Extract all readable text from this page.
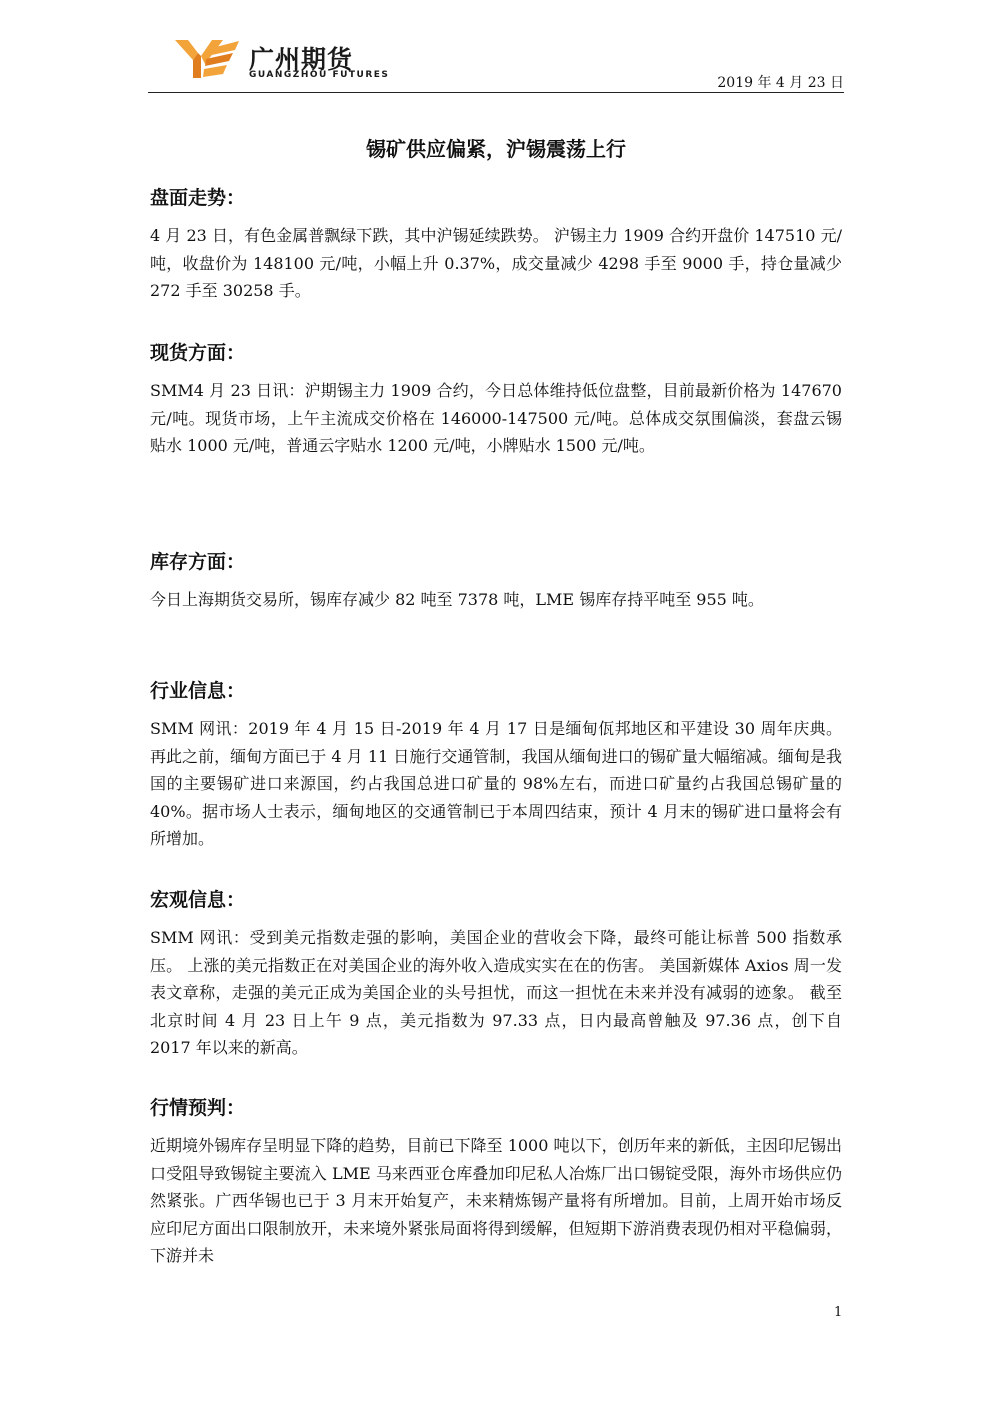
广州期货
GUANGZHOU FUTURES	2019 年 4 月 23 日
锡矿供应偏紧，沪锡震荡上行
盘面走势：

4 月 23 日，有色金属普飘绿下跌，其中沪锡延续跌势。 沪锡主力 1909 合约开盘价 147510 元/吨，收盘价为 148100 元/吨，小幅上升 0.37%，成交量减少 4298 手至 9000 手，持仓量减少 272 手至 30258 手。

现货方面：

SMM4 月 23 日讯：沪期锡主力 1909 合约，今日总体维持低位盘整，目前最新价格为 147670 元/吨。现货市场，上午主流成交价格在 146000-147500 元/吨。总体成交氛围偏淡，套盘云锡贴水 1000 元/吨，普通云字贴水 1200 元/吨，小牌贴水 1500 元/吨。

库存方面：

今日上海期货交易所，锡库存减少 82 吨至 7378 吨，LME 锡库存持平吨至 955 吨。

行业信息：

SMM 网讯：2019 年 4 月 15 日-2019 年 4 月 17 日是缅甸佤邦地区和平建设 30 周年庆典。再此之前，缅甸方面已于 4 月 11 日施行交通管制，我国从缅甸进口的锡矿量大幅缩减。缅甸是我国的主要锡矿进口来源国，约占我国总进口矿量的 98%左右，而进口矿量约占我国总锡矿量的 40%。据市场人士表示，缅甸地区的交通管制已于本周四结束，预计 4 月末的锡矿进口量将会有所增加。

宏观信息：

SMM 网讯：受到美元指数走强的影响，美国企业的营收会下降，最终可能让标普 500 指数承压。 上涨的美元指数正在对美国企业的海外收入造成实实在在的伤害。 美国新媒体 Axios 周一发表文章称，走强的美元正成为美国企业的头号担忧，而这一担忧在未来并没有减弱的迹象。 截至北京时间 4 月 23 日上午 9 点，美元指数为 97.33 点，日内最高曾触及 97.36 点，创下自 2017 年以来的新高。

行情预判：

近期境外锡库存呈明显下降的趋势，目前已下降至 1000 吨以下，创历年来的新低，主因印尼锡出口受阻导致锡锭主要流入 LME 马来西亚仓库叠加印尼私人冶炼厂出口锡锭受限，海外市场供应仍然紧张。广西华锡也已于 3 月末开始复产，未来精炼锡产量将有所增加。目前，上周开始市场反应印尼方面出口限制放开，未来境外紧张局面将得到缓解，但短期下游消费表现仍相对平稳偏弱，下游并未

1
